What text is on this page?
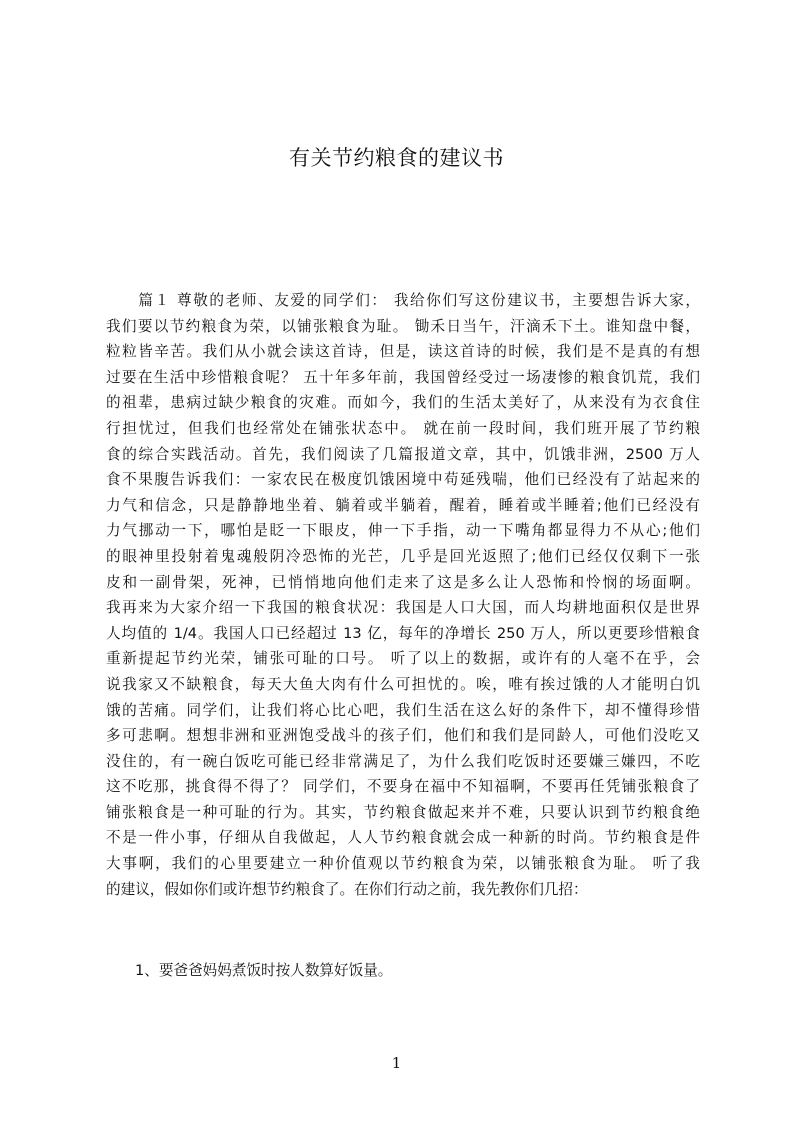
有关节约粮食的建议书
　　篇１ 尊敬的老师、友爱的同学们： 我给你们写这份建议书，主要想告诉大家，
我们要以节约粮食为荣，以铺张粮食为耻。 锄禾日当午，汗滴禾下土。谁知盘中餐，
粒粒皆辛苦。我们从小就会读这首诗，但是，读这首诗的时候，我们是不是真的有想
过要在生活中珍惜粮食呢？ 五十年多年前，我国曾经受过一场凄惨的粮食饥荒，我们
的祖辈，患病过缺少粮食的灾难。而如今，我们的生活太美好了，从来没有为衣食住
行担忧过，但我们也经常处在铺张状态中。 就在前一段时间，我们班开展了节约粮
食的综合实践活动。首先，我们阅读了几篇报道文章，其中，饥饿非洲，2500 万人
食不果腹告诉我们：一家农民在极度饥饿困境中苟延残喘，他们已经没有了站起来的
力气和信念，只是静静地坐着、躺着或半躺着，醒着，睡着或半睡着;他们已经没有
力气挪动一下，哪怕是眨一下眼皮，伸一下手指，动一下嘴角都显得力不从心;他们
的眼神里投射着鬼魂般阴冷恐怖的光芒，几乎是回光返照了;他们已经仅仅剩下一张
皮和一副骨架，死神，已悄悄地向他们走来了这是多么让人恐怖和怜悯的场面啊。
我再来为大家介绍一下我国的粮食状况：我国是人口大国，而人均耕地面积仅是世界
人均值的 1/4。我国人口已经超过 13 亿，每年的净增长 250 万人，所以更要珍惜粮食
重新提起节约光荣，铺张可耻的口号。 听了以上的数据，或许有的人毫不在乎，会
说我家又不缺粮食，每天大鱼大肉有什么可担忧的。唉，唯有挨过饿的人才能明白饥
饿的苦痛。同学们，让我们将心比心吧，我们生活在这么好的条件下，却不懂得珍惜
多可悲啊。想想非洲和亚洲饱受战斗的孩子们，他们和我们是同龄人，可他们没吃又
没住的，有一碗白饭吃可能已经非常满足了，为什么我们吃饭时还要嫌三嫌四，不吃
这不吃那，挑食得不得了？ 同学们，不要身在福中不知福啊，不要再任凭铺张粮食了
铺张粮食是一种可耻的行为。其实，节约粮食做起来并不难，只要认识到节约粮食绝
不是一件小事，仔细从自我做起，人人节约粮食就会成一种新的时尚。节约粮食是件
大事啊，我们的心里要建立一种价值观以节约粮食为荣，以铺张粮食为耻。 听了我
的建议，假如你们或许想节约粮食了。在你们行动之前，我先教你们几招：

1、要爸爸妈妈煮饭时按人数算好饭量。

1
